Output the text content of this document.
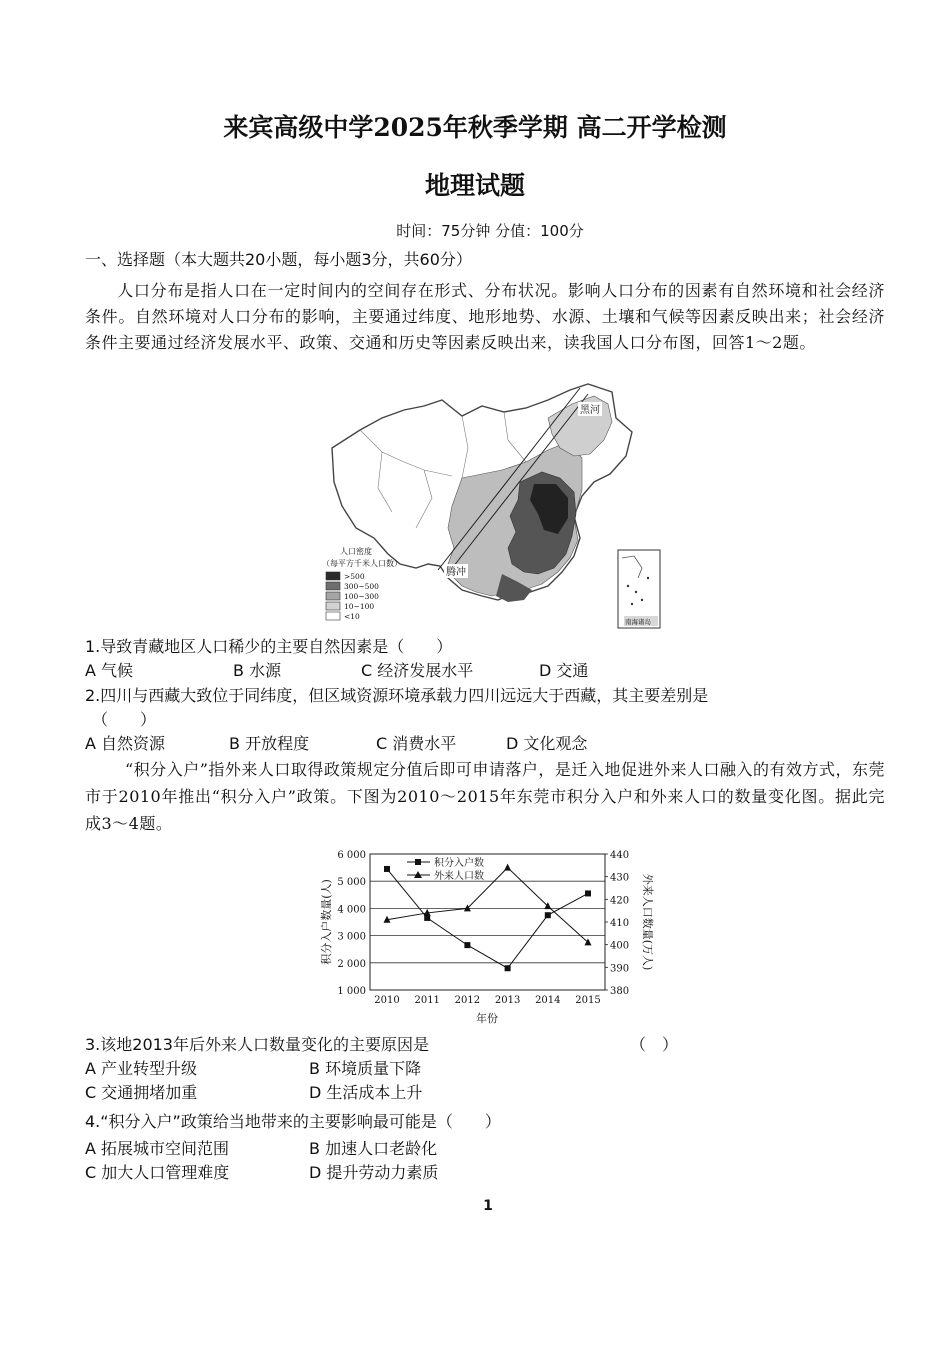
来宾高级中学2025年秋季学期 高二开学检测
地理试题
时间：75分钟 分值：100分
一、选择题（本大题共20小题，每小题3分，共60分）
人口分布是指人口在一定时间内的空间存在形式、分布状况。影响人口分布的因素有自然环境和社会经济条件。自然环境对人口分布的影响，主要通过纬度、地形地势、水源、土壤和气候等因素反映出来；社会经济条件主要通过经济发展水平、政策、交通和历史等因素反映出来，读我国人口分布图，回答1～2题。
黑河
腾冲
人口密度
（每平方千米人口数）
>500
300~500
100~300
10~100
<10
南海诸岛
1.导致青藏地区人口稀少的主要自然因素是（　　）
A 气候	B 水源	C 经济发展水平	D 交通
2.四川与西藏大致位于同纬度，但区域资源环境承载力四川远远大于西藏，其主要差别是
（　　）
A 自然资源	B 开放程度	C 消费水平	D 文化观念
“积分入户”指外来人口取得政策规定分值后即可申请落户，是迁入地促进外来人口融入的有效方式，东莞市于2010年推出“积分入户”政策。下图为2010～2015年东莞市积分入户和外来人口的数量变化图。据此完成3～4题。
1 000
2 000
3 000
4 000
5 000
6 000
380
390
400
410
420
430
440
2010 2011 2012 2013 2014 2015
积分入户数
外来人口数
积分入户数量(人)	外来人口数量(万人)
年份
3.该地2013年后外来人口数量变化的主要原因是	（　）
A 产业转型升级	B 环境质量下降
C 交通拥堵加重	D 生活成本上升
4.“积分入户”政策给当地带来的主要影响最可能是（　　）
A 拓展城市空间范围	B 加速人口老龄化
C 加大人口管理难度	D 提升劳动力素质
1
